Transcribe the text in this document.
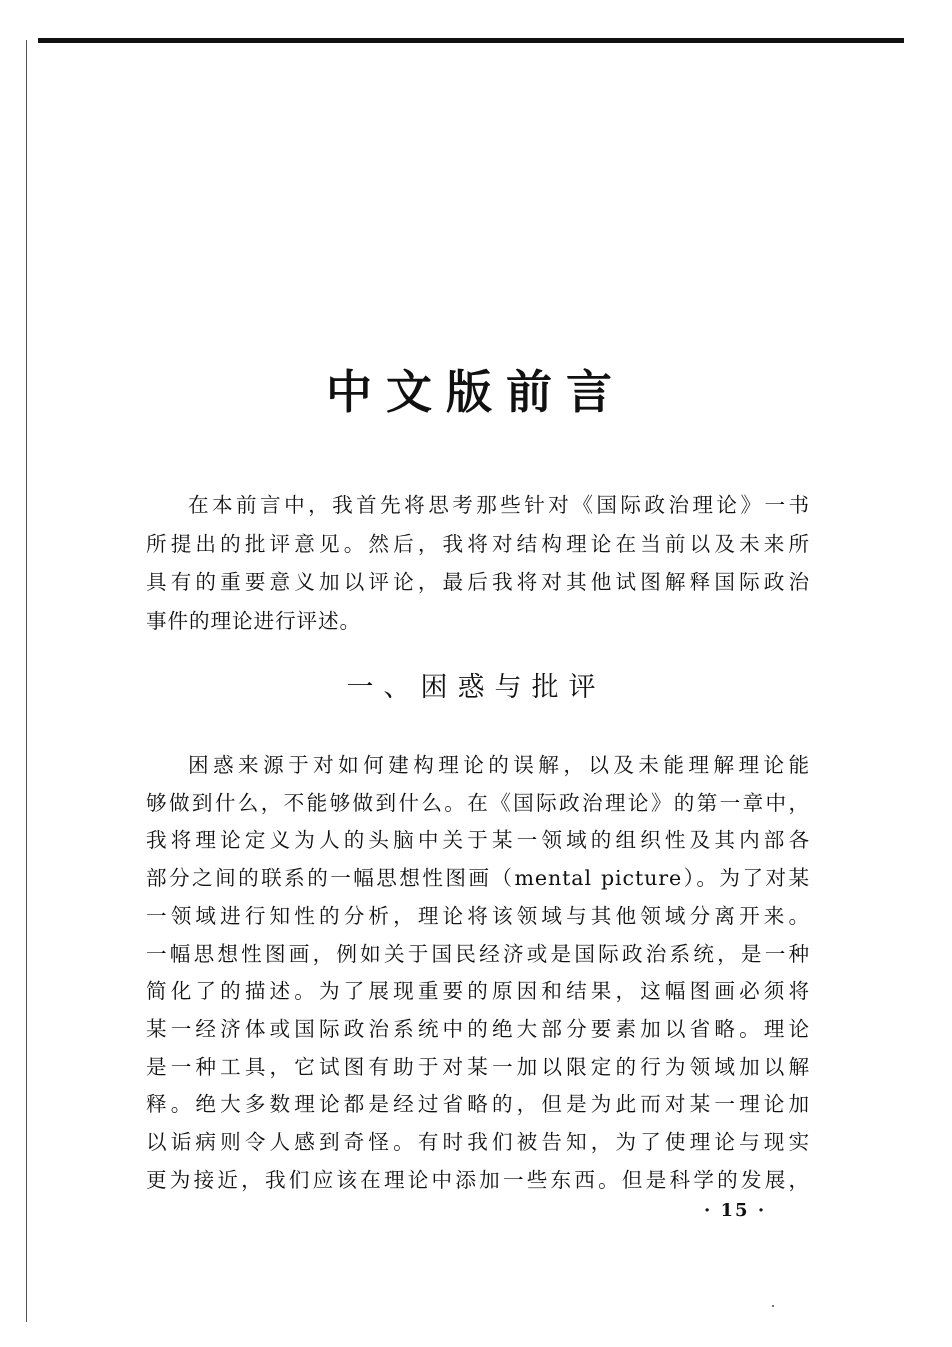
中文版前言
在本前言中，我首先将思考那些针对《国际政治理论》一书
所提出的批评意见。然后，我将对结构理论在当前以及未来所
具有的重要意义加以评论，最后我将对其他试图解释国际政治
事件的理论进行评述。
一、困惑与批评
困惑来源于对如何建构理论的误解，以及未能理解理论能
够做到什么，不能够做到什么。在《国际政治理论》的第一章中，
我将理论定义为人的头脑中关于某一领域的组织性及其内部各
部分之间的联系的一幅思想性图画（mental picture）。为了对某
一领域进行知性的分析，理论将该领域与其他领域分离开来。
一幅思想性图画，例如关于国民经济或是国际政治系统，是一种
简化了的描述。为了展现重要的原因和结果，这幅图画必须将
某一经济体或国际政治系统中的绝大部分要素加以省略。理论
是一种工具，它试图有助于对某一加以限定的行为领域加以解
释。绝大多数理论都是经过省略的，但是为此而对某一理论加
以诟病则令人感到奇怪。有时我们被告知，为了使理论与现实
更为接近，我们应该在理论中添加一些东西。但是科学的发展，
· 15 ·
